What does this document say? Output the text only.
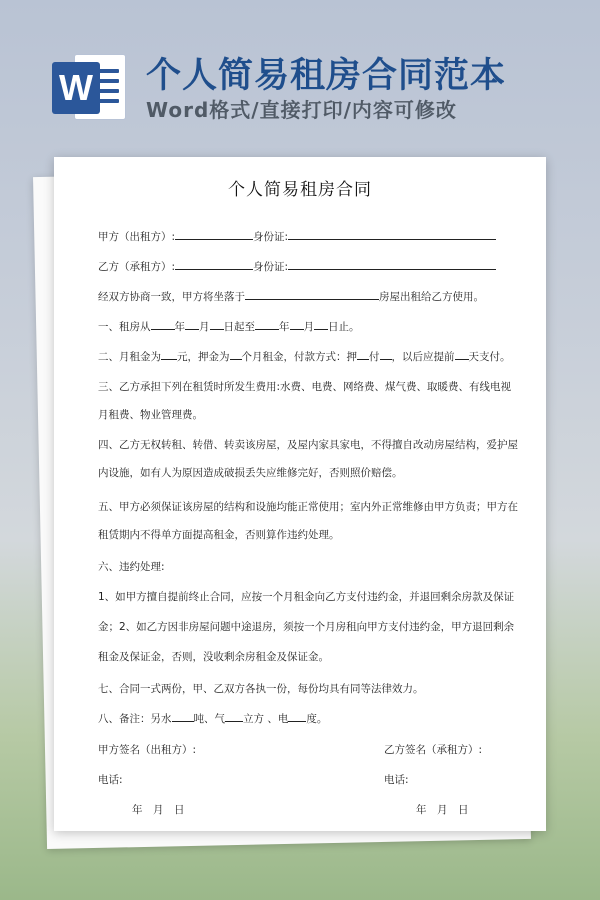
W 个人简易租房合同范本
Word格式/直接打印/内容可修改
个人简易租房合同
甲方（出租方）:	身份证:
乙方（承租方）:	身份证:
经双方协商一致，甲方将坐落于	房屋出租给乙方使用。
一、租房从 年 月 日起至 年 月 日止。
二、月租金为 元，押金为 个月租金，付款方式：押 付 ，以后应提前 天支付。
三、乙方承担下列在租赁时所发生费用:水费、电费、网络费、煤气费、取暖费、有线电视
月租费、物业管理费。
四、乙方无权转租、转借、转卖该房屋，及屋内家具家电，不得擅自改动房屋结构，爱护屋
内设施，如有人为原因造成破损丢失应维修完好，否则照价赔偿。
五、甲方必须保证该房屋的结构和设施均能正常使用；室内外正常维修由甲方负责；甲方在
租赁期内不得单方面提高租金，否则算作违约处理。
六、违约处理:
1、如甲方擅自提前终止合同，应按一个月租金向乙方支付违约金，并退回剩余房款及保证
金；2、如乙方因非房屋问题中途退房，须按一个月房租向甲方支付违约金，甲方退回剩余
租金及保证金，否则，没收剩余房租金及保证金。
七、合同一式两份，甲、乙双方各执一份，每份均具有同等法律效力。
八、备注：另水 吨、气 立方 、电 度。
甲方签名（出租方）:	乙方签名（承租方）:
电话:	电话:
年　月　日	年　月　日
